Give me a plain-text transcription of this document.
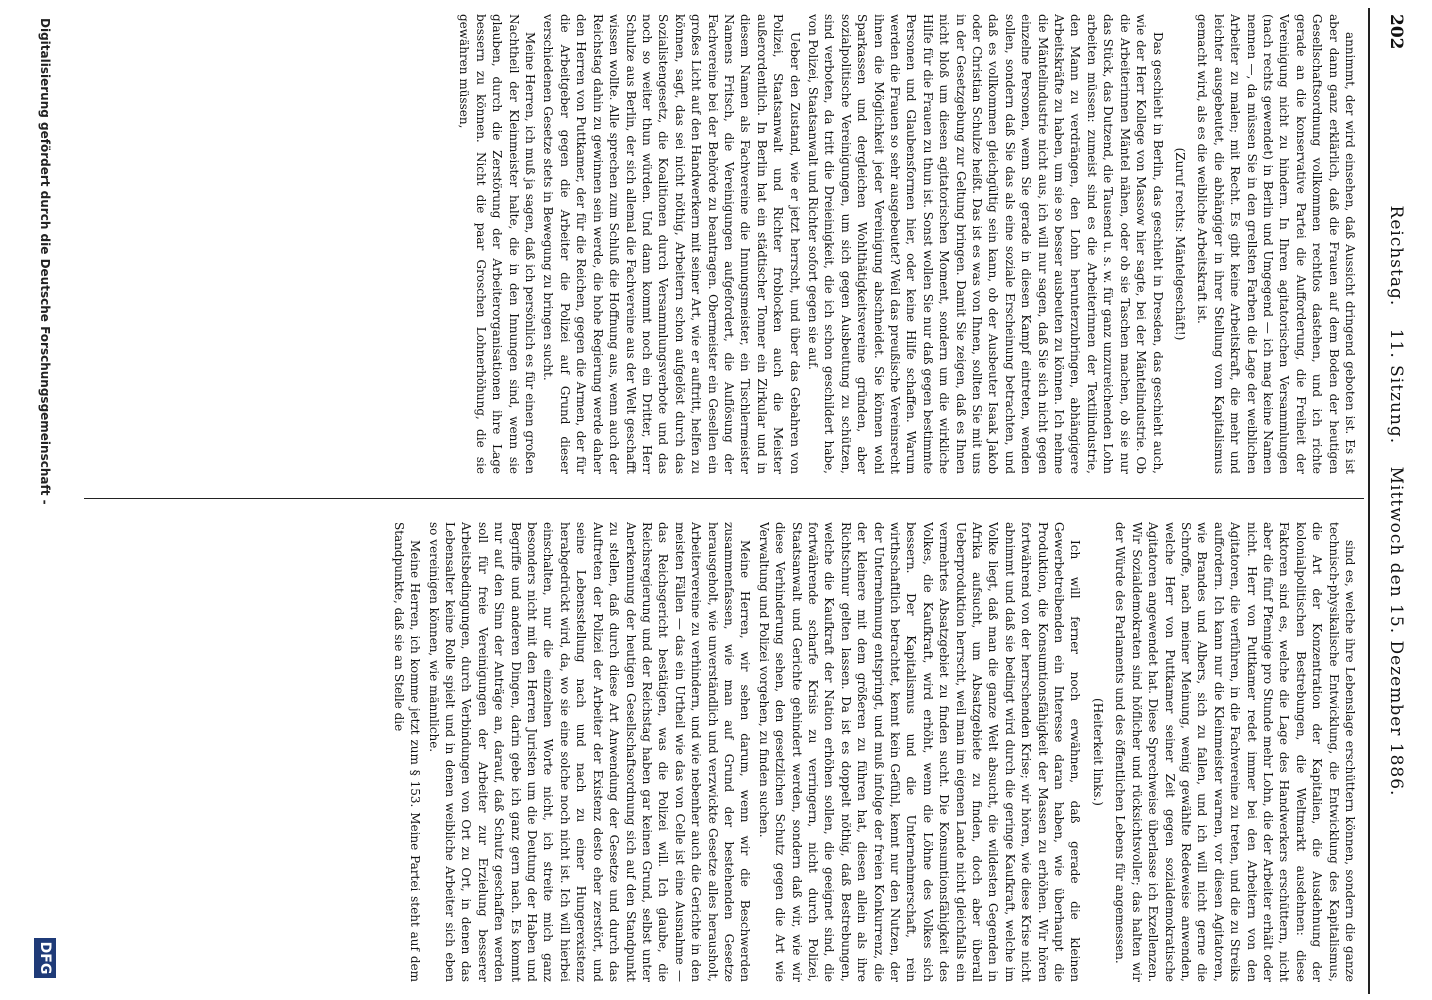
202
Reichstag. 11. Sitzung. Mittwoch den 15. Dezember 1886.

annimmt, der wird einsehen, daß Aussicht dringend geboten ist. Es ist aber dann ganz erklärlich, daß die Frauen auf dem Boden der heutigen Gesellschaftsordnung vollkommen rechtlos dastehen, und ich richte gerade an die konservative Partei die Aufforderung, die Freiheit der Vereinigung nicht zu hindern. In Ihren agitatorischen Versammlungen (nach rechts gewendet) in Berlin und Umgegend — ich mag keine Namen nennen —, da müssen Sie in den grellsten Farben die Lage der weiblichen Arbeiter zu malen; mit Recht. Es gibt keine Arbeitskraft, die mehr und leichter ausgebeutet, die abhängiger in ihrer Stellung vom Kapitalismus gemacht wird, als es die weibliche Arbeitskraft ist.

(Zuruf rechts: Mäntelgeschäft!)

Das geschieht in Berlin, das geschieht in Dresden, das geschieht auch, wie der Herr Kollege von Massow hier sagte, bei der Mäntelindustrie. Ob die Arbeiterinnen Mäntel nähen, oder ob sie Taschen machen, ob sie nur das Stück, das Dutzend, die Tausend u. s. w. für ganz unzureichenden Lohn arbeiten müssen: zumeist sind es die Arbeiterinnen der Textilindustrie, den Mann zu verdrängen, den Lohn herunterzubringen, abhängigere Arbeitskräfte zu haben, um sie so besser ausbeuten zu können. Ich nehme die Mäntelindustrie nicht aus, ich will nur sagen, daß Sie sich nicht gegen einzelne Personen, wenn Sie gerade in diesen Kampf eintreten, wenden sollen, sondern daß Sie das als eine soziale Erscheinung betrachten, und daß es vollkommen gleichgültig sein kann, ob der Ausbeuter Isaak Jakob oder Christian Schulze heißt. Das ist es was von Ihnen, sollten Sie mit uns in der Gesetzgebung zur Geltung bringen. Damit Sie zeigen, daß es Ihnen nicht bloß um diesen agitatorischen Moment, sondern um die wirkliche Hilfe für die Frauen zu thun ist. Sonst wollen Sie nur daß gegen bestimmte Personen und Glaubensformen hier, oder keine Hilfe schaffen. Warum werden die Frauen so sehr ausgebeutet? Weil das preußische Vereinsrecht ihnen die Möglichkeit jeder Vereinigung abschneidet. Sie können wohl Sparkassen und dergleichen Wohlthätigkeitsvereine gründen, aber sozialpolitische Vereinigungen, um sich gegen Ausbeutung zu schützen, sind verboten, da tritt die Dreieinigkeit, die ich schon geschildert habe, von Polizei, Staatsanwalt und Richter sofort gegen sie auf.

Ueber den Zustand, wie er jetzt herrscht, und über das Gebahren von Polizei, Staatsanwalt und Richter froblocken auch die Meister außerordentlich. In Berlin hat ein städtischer Tonner ein Zirkular und in diesem Namen als Fachvereine die Innungsmeister, ein Tischlermeister Namens Fritsch, die Vereinigungen aufgefordert, die Auflösung der Fachvereine bei der Behörde zu beantragen. Obermeister ein Gesellen ein großes Licht auf den Handwerkern mit seiner Art, wie er auftritt, helfen zu können, sagt, das sei nicht nöthig, Arbeitern schon aufgelöst durch das Sozialistengesetz, die Koalitionen durch Versammlungsverbote und das noch so weiter thun würden. Und dann kommt noch ein Dritter, Herr Schulze aus Berlin, der sich allemal die Fachvereine aus der Welt geschafft wissen wollte. Alle sprechen zum Schluß die Hoffnung aus, wenn auch der Reichstag dahin zu gewinnen sein werde, die hohe Regierung werde daher den Herren von Puttkamer, der für die Reichen, gegen die Armen, der für die Arbeitgeber gegen die Arbeiter die Polizei auf Grund dieser verschiedenen Gesetze stets in Bewegung zu bringen sucht.

Meine Herren, ich muß ja sagen, daß ich persönlich es für einen großen Nachtheil der Kleinmeister halte, die in den Innungen sind, wenn sie glauben, durch die Zerstörung der Arbeiterorganisationen ihre Lage bessern zu können. Nicht die paar Groschen Lohnerhöhung, die sie gewähren müssen,

sind es, welche ihre Lebenslage erschüttern können, sondern die ganze technisch-physikalische Entwicklung, die Entwicklung des Kapitalismus, die Art der Konzentration der Kapitalien, die Ausdehnung der kolonialpolitischen Bestrebungen, die Weltmarkt ausdehnen: diese Faktoren sind es, welche die Lage des Handwerkers erschüttern, nicht aber die fünf Pfennige pro Stunde mehr Lohn, die der Arbeiter erhält oder nicht. Herr von Puttkamer redet immer bei den Arbeitern von den Agitatoren, die verführen, in die Fachvereine zu treten, und die zu Streiks auffordern. Ich kann nur die Kleinmeister warnen, vor diesen Agitatoren, wie Brandes und Albers, sich zu fallen, und ich will nicht gerne die Schroffe, nach meiner Meinung, wenig gewählte Redeweise anwenden, welche Herr von Puttkamer seiner Zeit gegen sozialdemokratische Agitatoren angewendet hat. Diese Sprechweise überlasse ich Exzellenzen. Wir Sozialdemokraten sind höflicher und rücksichtsvoller; das halten wir der Würde des Parlaments und des öffentlichen Lebens für angemessen.

(Heiterkeit links.)

Ich will ferner noch erwähnen, daß gerade die kleinen Gewerbetreibenden ein Interesse daran haben, wie überhaupt die Produktion, die Konsumtionsfähigkeit der Massen zu erhöhen. Wir hören fortwährend von der herrschenden Krise; wir hören, wie diese Krise nicht abnimmt und daß sie bedingt wird durch die geringe Kaufkraft, welche im Volke liegt, daß man die ganze Welt absucht, die wildesten Gegenden in Afrika aufsucht, um Absatzgebiete zu finden, doch aber überall Ueberproduktion herrscht, weil man im eigenen Lande nicht gleichfalls ein vermehrtes Absatzgebiet zu finden sucht. Die Konsumtionsfähigkeit des Volkes, die Kaufkraft, wird erhöht, wenn die Löhne des Volkes sich bessern. Der Kapitalismus und die Unternehmerschaft, rein wirthschaftlich betrachtet, kennt kein Gefühl, kennt nur den Nutzen, der der Unternehmung entspringt, und muß infolge der freien Konkurrenz, die der kleinere mit dem größeren zu führen hat, diesen allein als ihre Richtschnur gelten lassen. Da ist es doppelt nöthig, daß Bestrebungen, welche die Kaufkraft der Nation erhöhen sollen, die geeignet sind, die fortwährende scharfe Krisis zu verringern, nicht durch Polizei, Staatsanwalt und Gerichte gehindert werden, sondern daß wir, wie wir diese Verhinderung sehen, den gesetzlichen Schutz gegen die Art wie Verwaltung und Polizei vorgehen, zu finden suchen.

Meine Herren, wir sehen darum, wenn wir die Beschwerden zusammenfassen, wie man auf Grund der bestehenden Gesetze herausgeholt, wie unverständlich und verzwickte Gesetze alles herausholt, Arbeitervereine zu verhindern, und wie nebenher auch die Gerichte in den meisten Fällen — das ein Urtheil wie das von Celle ist eine Ausnahme — das Reichsgericht bestätigen, was die Polizei will. Ich glaube, die Reichsregierung und der Reichstag haben gar keinen Grund, selbst unter Anerkennung der heutigen Gesellschaftsordnung sich auf den Standpunkt zu stellen, daß durch diese Art Anwendung der Gesetze und durch das Auftreten der Polizei der Arbeiter der Existenz desto eher zerstört, und seine Lebensstellung nach und nach zu einer Hungerexistenz herabgedrückt wird, da, wo sie eine solche noch nicht ist. Ich will hierbei einschalten, nur die einzelnen Worte nicht, ich streite mich ganz besonders nicht mit den Herren Juristen um die Deutung der Haben und Begriffe und anderen Dingen, darin gebe ich ganz gern nach. Es kommt nur auf den Sinn der Anträge an, darauf, daß Schutz geschaffen werden soll für freie Vereinigungen der Arbeiter zur Erzielung besserer Arbeitsbedingungen, durch Verbindungen von Ort zu Ort, in denen das Lebensalter keine Rolle spielt und in denen weibliche Arbeiter sich eben so vereinigen können, wie männliche.

Meine Herren, ich komme jetzt zum § 153. Meine Partei steht auf dem Standpunkte, daß sie an Stelle die

Digitalisierung gefördert durch die Deutsche Forschungsgemeinschaft -
DFG
